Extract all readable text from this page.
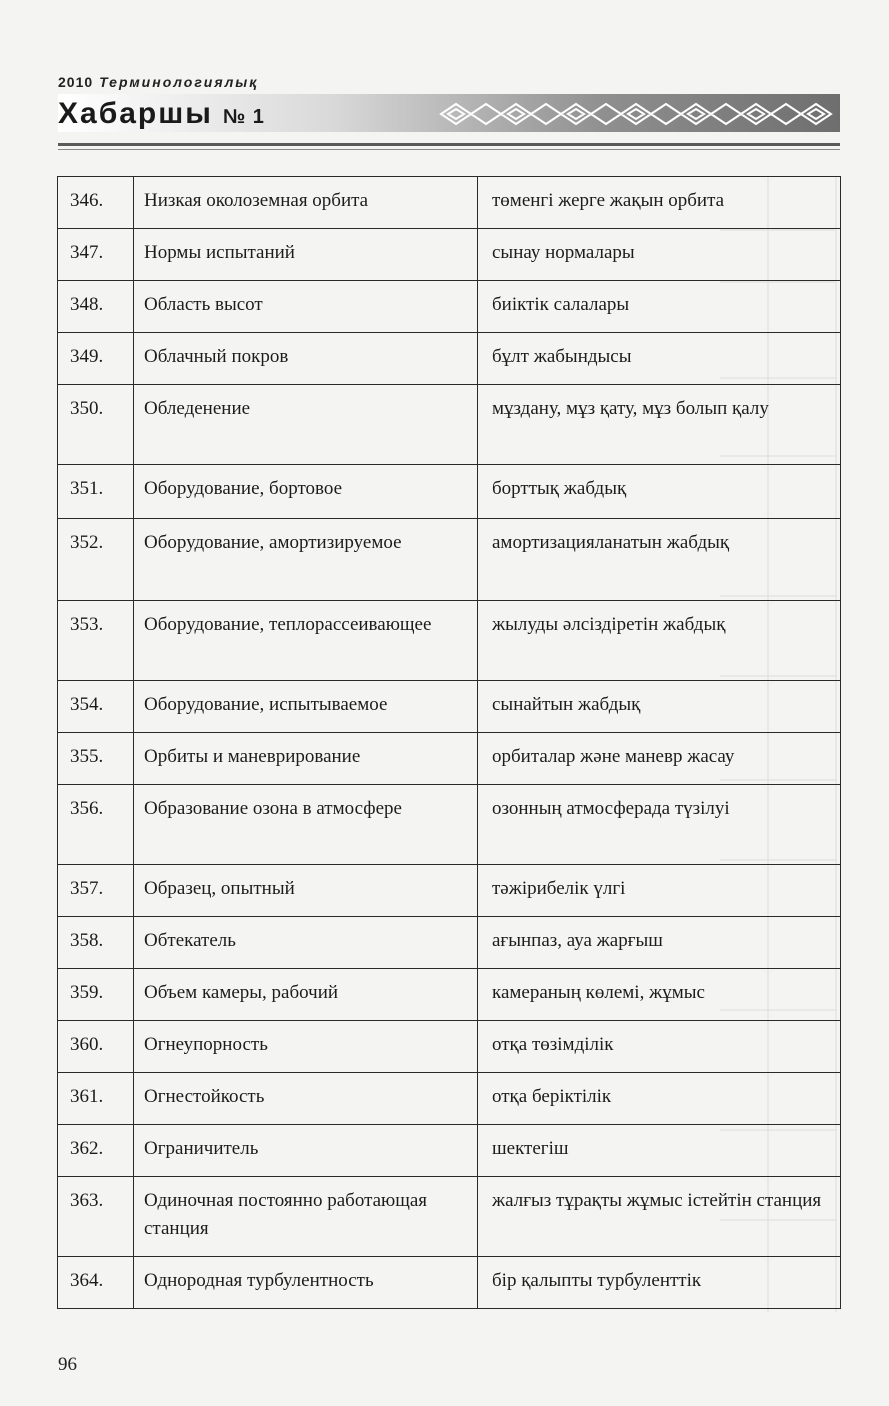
2010 Терминологиялық
Хабаршы № 1
346.	Низкая околоземная орбита	төменгі жерге жақын орбита
347.	Нормы испытаний	сынау нормалары
348.	Область высот	биіктік салалары
349.	Облачный покров	бұлт жабындысы
350.	Обледенение	мұздану, мұз қату, мұз болып қалу
351.	Оборудование, бортовое	борттық жабдық
352.	Оборудование, амортизируемое	амортизацияланатын жабдық
353.	Оборудование, теплорассеивающее	жылуды әлсіздіретін жабдық
354.	Оборудование, испытываемое	сынайтын жабдық
355.	Орбиты и маневрирование	орбиталар және маневр жасау
356.	Образование озона в атмосфере	озонның атмосферада түзілуі
357.	Образец, опытный	тәжірибелік үлгі
358.	Обтекатель	ағынпаз, ауа жарғыш
359.	Объем камеры, рабочий	камераның көлемі, жұмыс
360.	Огнеупорность	отқа төзімділік
361.	Огнестойкость	отқа беріктілік
362.	Ограничитель	шектегіш
363.	Одиночная постоянно работающая станция	жалғыз тұрақты жұмыс істейтін станция
364.	Однородная турбулентность	бір қалыпты турбуленттік
96
